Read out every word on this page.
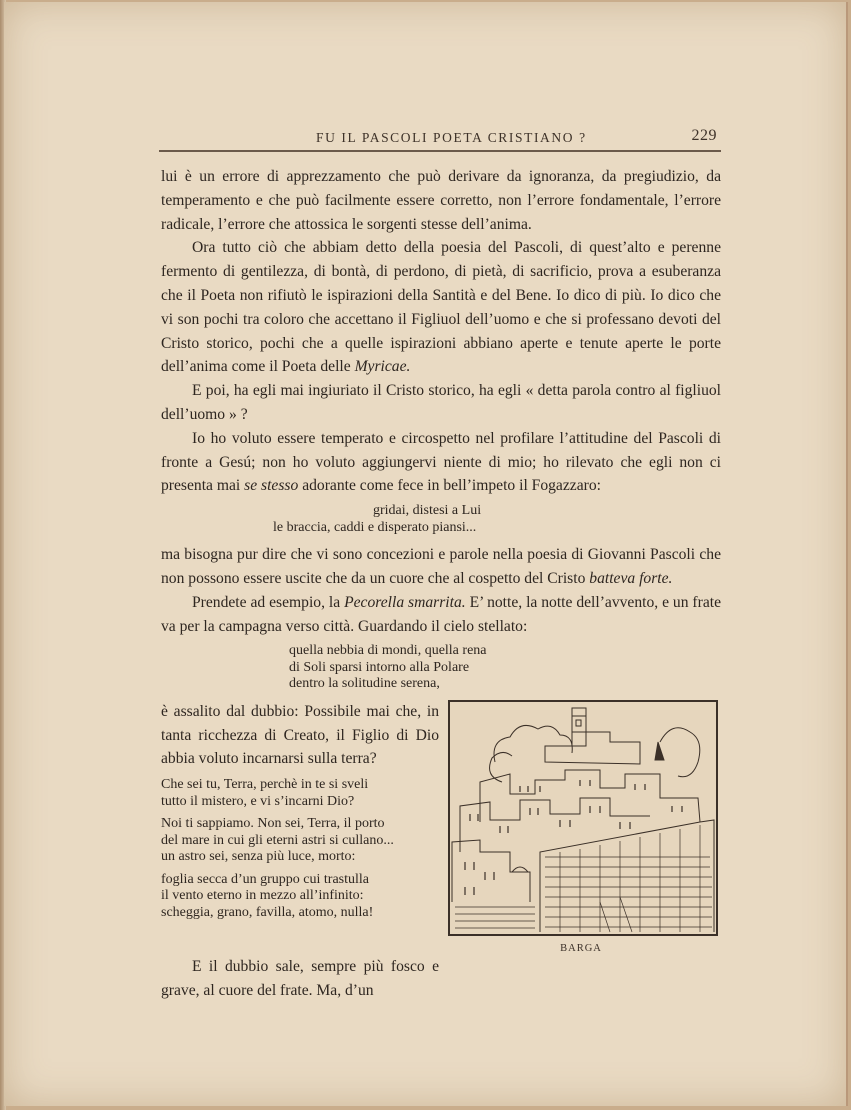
FU IL PASCOLI POETA CRISTIANO ?	229

lui è un errore di apprezzamento che può derivare da ignoranza, da pregiudizio, da temperamento e che può facilmente essere corretto, non l’errore fondamentale, l’errore radicale, l’errore che attossica le sorgenti stesse dell’anima.

Ora tutto ciò che abbiam detto della poesia del Pascoli, di quest’alto e perenne fermento di gentilezza, di bontà, di perdono, di pietà, di sacrificio, prova a esuberanza che il Poeta non rifiutò le ispirazioni della Santità e del Bene. Io dico di più. Io dico che vi son pochi tra coloro che accettano il Figliuol dell’uomo e che si professano devoti del Cristo storico, pochi che a quelle ispirazioni abbiano aperte e tenute aperte le porte dell’anima come il Poeta delle Myricae.

E poi, ha egli mai ingiuriato il Cristo storico, ha egli « detta parola contro al figliuol dell’uomo » ?

Io ho voluto essere temperato e circospetto nel profilare l’attitudine del Pascoli di fronte a Gesú; non ho voluto aggiungervi niente di mio; ho rilevato che egli non ci presenta mai se stesso adorante come fece in bell’impeto il Fogazzaro:

gridai, distesi a Lui
le braccia, caddi e disperato piansi...

ma bisogna pur dire che vi sono concezioni e parole nella poesia di Giovanni Pascoli che non possono essere uscite che da un cuore che al cospetto del Cristo batteva forte.

Prendete ad esempio, la Pecorella smarrita. E’ notte, la notte dell’avvento, e un frate va per la campagna verso città. Guardando il cielo stellato:

quella nebbia di mondi, quella rena
di Soli sparsi intorno alla Polare
dentro la solitudine serena,

è assalito dal dubbio: Possibile mai che, in tanta ricchezza di Creato, il Figlio di Dio abbia voluto incarnarsi sulla terra?

Che sei tu, Terra, perchè in te si sveli
tutto il mistero, e vi s’incarni Dio?
Noi ti sappiamo. Non sei, Terra, il porto
del mare in cui gli eterni astri si cullano...
un astro sei, senza più luce, morto:
foglia secca d’un gruppo cui trastulla
il vento eterno in mezzo all’infinito:
scheggia, grano, favilla, atomo, nulla!
BARGA

E il dubbio sale, sempre più fosco e grave, al cuore del frate. Ma, d’un
